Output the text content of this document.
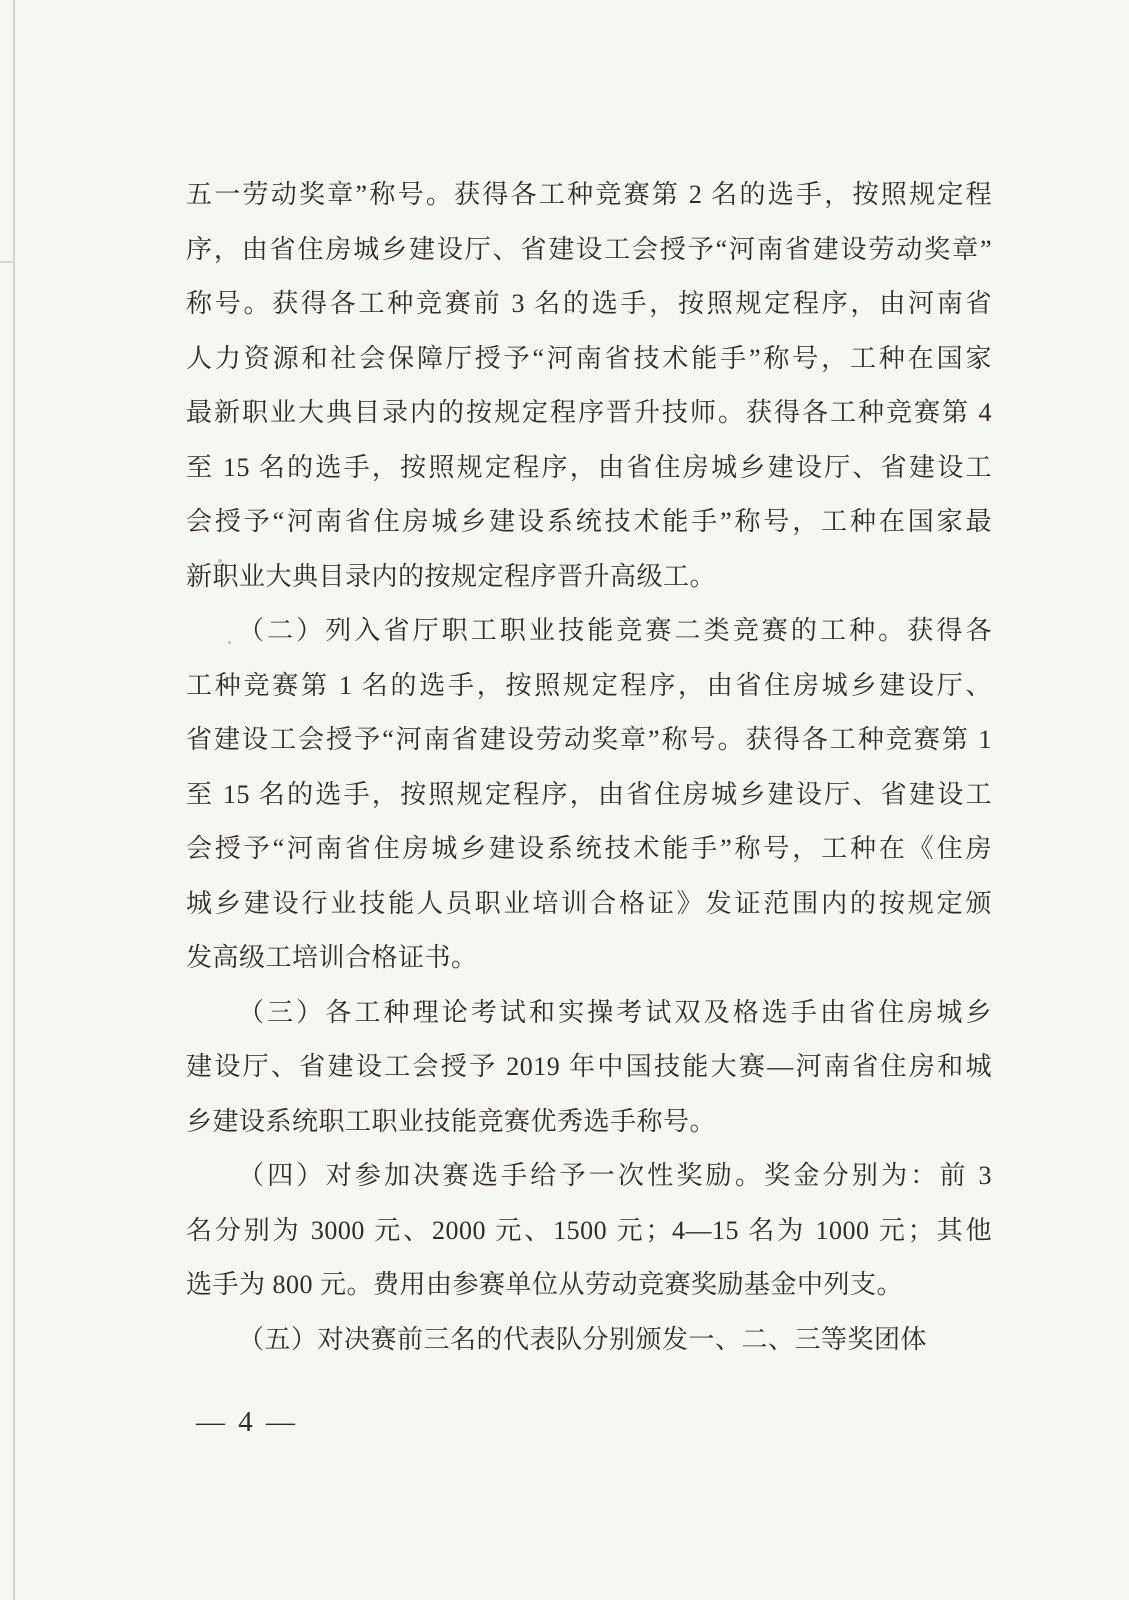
五一劳动奖章”称号。获得各工种竞赛第 2 名的选手，按照规定程
序，由省住房城乡建设厅、省建设工会授予“河南省建设劳动奖章”
称号。获得各工种竞赛前 3 名的选手，按照规定程序，由河南省
人力资源和社会保障厅授予“河南省技术能手”称号，工种在国家
最新职业大典目录内的按规定程序晋升技师。获得各工种竞赛第 4
至 15 名的选手，按照规定程序，由省住房城乡建设厅、省建设工
会授予“河南省住房城乡建设系统技术能手”称号，工种在国家最
新职业大典目录内的按规定程序晋升高级工。
（二）列入省厅职工职业技能竞赛二类竞赛的工种。获得各
工种竞赛第 1 名的选手，按照规定程序，由省住房城乡建设厅、
省建设工会授予“河南省建设劳动奖章”称号。获得各工种竞赛第 1
至 15 名的选手，按照规定程序，由省住房城乡建设厅、省建设工
会授予“河南省住房城乡建设系统技术能手”称号，工种在《住房
城乡建设行业技能人员职业培训合格证》发证范围内的按规定颁
发高级工培训合格证书。
（三）各工种理论考试和实操考试双及格选手由省住房城乡
建设厅、省建设工会授予 2019 年中国技能大赛—河南省住房和城
乡建设系统职工职业技能竞赛优秀选手称号。
（四）对参加决赛选手给予一次性奖励。奖金分别为：前 3
名分别为 3000 元、2000 元、1500 元；4—15 名为 1000 元；其他
选手为 800 元。费用由参赛单位从劳动竞赛奖励基金中列支。
（五）对决赛前三名的代表队分别颁发一、二、三等奖团体
— 4 —
